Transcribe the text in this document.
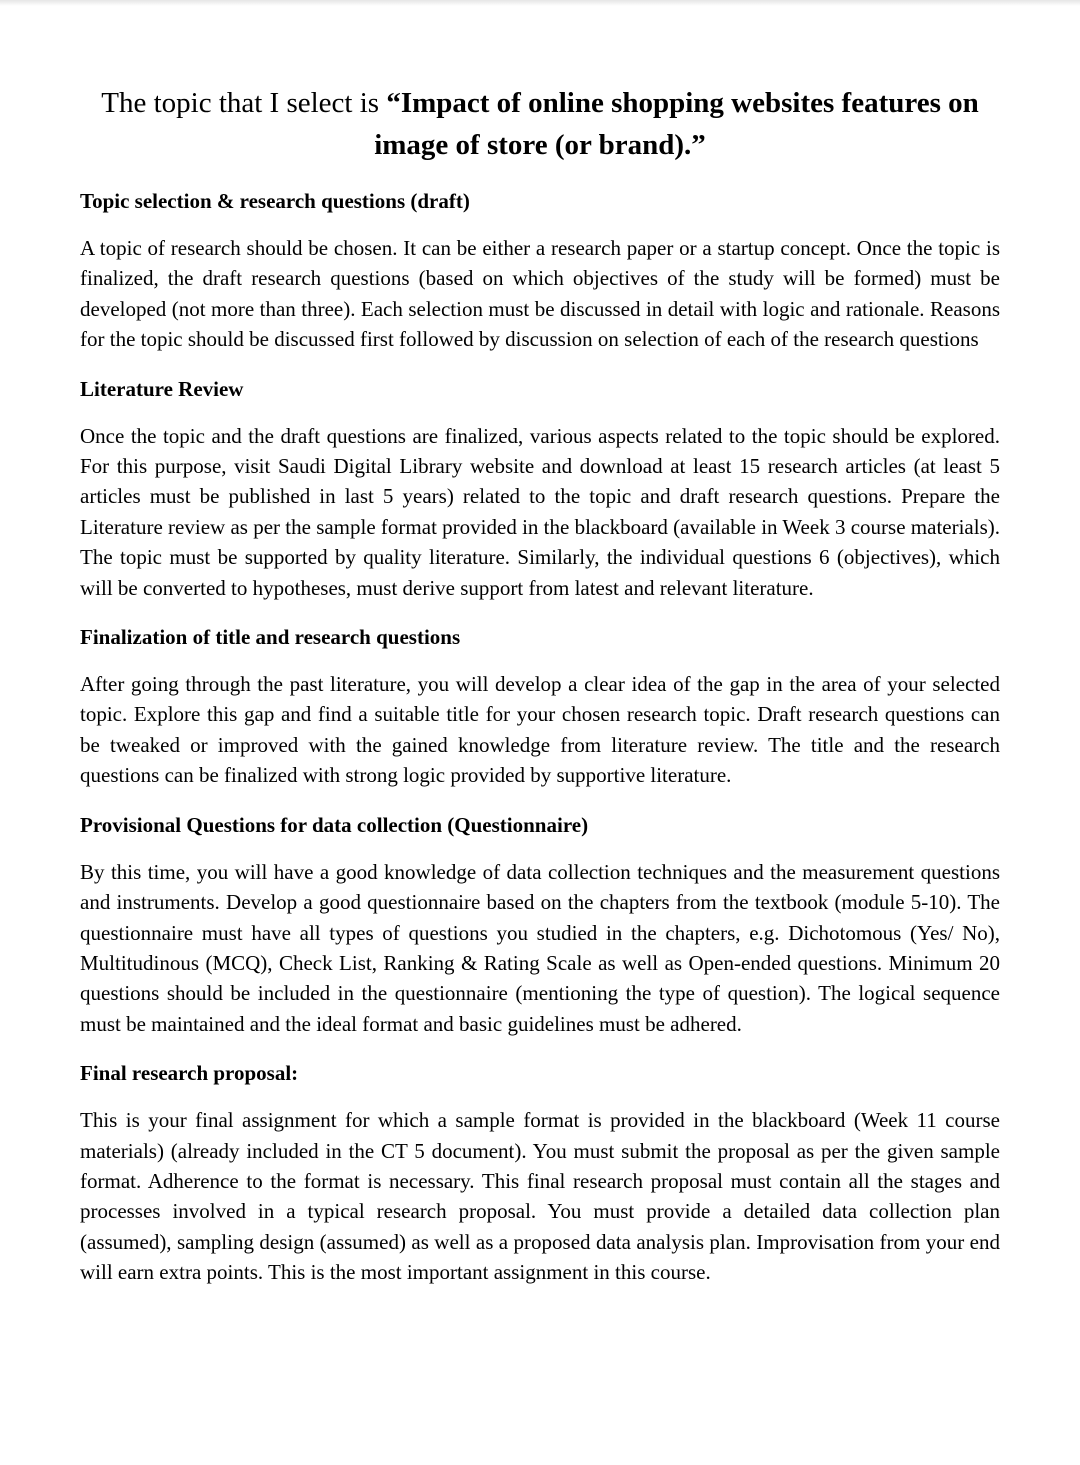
The topic that I select is “Impact of online shopping websites features on image of store (or brand).”
Topic selection & research questions (draft)

A topic of research should be chosen. It can be either a research paper or a startup concept. Once the topic is finalized, the draft research questions (based on which objectives of the study will be formed) must be developed (not more than three). Each selection must be discussed in detail with logic and rationale. Reasons for the topic should be discussed first followed by discussion on selection of each of the research questions

Literature Review

Once the topic and the draft questions are finalized, various aspects related to the topic should be explored. For this purpose, visit Saudi Digital Library website and download at least 15 research articles (at least 5 articles must be published in last 5 years) related to the topic and draft research questions. Prepare the Literature review as per the sample format provided in the blackboard (available in Week 3 course materials). The topic must be supported by quality literature. Similarly, the individual questions 6 (objectives), which will be converted to hypotheses, must derive support from latest and relevant literature.

Finalization of title and research questions

After going through the past literature, you will develop a clear idea of the gap in the area of your selected topic. Explore this gap and find a suitable title for your chosen research topic. Draft research questions can be tweaked or improved with the gained knowledge from literature review. The title and the research questions can be finalized with strong logic provided by supportive literature.

Provisional Questions for data collection (Questionnaire)

By this time, you will have a good knowledge of data collection techniques and the measurement questions and instruments. Develop a good questionnaire based on the chapters from the textbook (module 5-10). The questionnaire must have all types of questions you studied in the chapters, e.g. Dichotomous (Yes/ No), Multitudinous (MCQ), Check List, Ranking & Rating Scale as well as Open-ended questions. Minimum 20 questions should be included in the questionnaire (mentioning the type of question). The logical sequence must be maintained and the ideal format and basic guidelines must be adhered.

Final research proposal:

This is your final assignment for which a sample format is provided in the blackboard (Week 11 course materials) (already included in the CT 5 document). You must submit the proposal as per the given sample format. Adherence to the format is necessary. This final research proposal must contain all the stages and processes involved in a typical research proposal. You must provide a detailed data collection plan (assumed), sampling design (assumed) as well as a proposed data analysis plan. Improvisation from your end will earn extra points. This is the most important assignment in this course.
